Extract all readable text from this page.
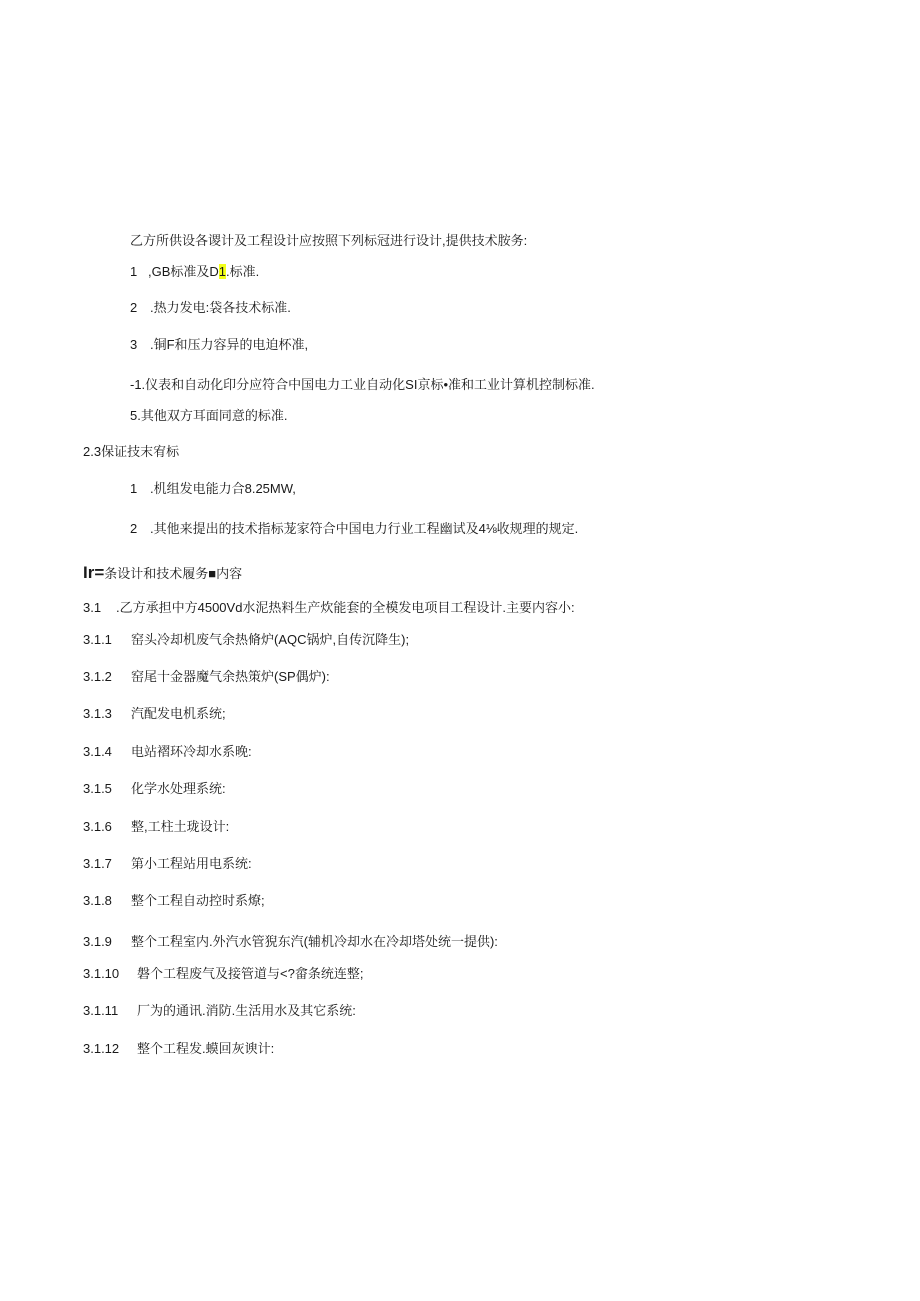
乙方所供设各谡计及工程设计应按照下列标冠进行设计,提供技术胺务:
1 ,GB标准及D1.标准.
2 .热力发电:袋各技术标准.
3 .铜F和压力容异的电迫杯准,
-1.仪表和自动化印分应符合中国电力工业自动化SI京标•准和工业计算机控制标准.
5.其他双方耳面同意的标准.
2.3保证技末宥标
1 .机组发电能力合8.25MW,
2 .其他来提出的技术指标茏家符合中国电力行业工程幽试及4⅛收规理的规定.
Ir=条设计和技术履务■内容
3.1 .乙方承担中方4500Vd水泥热料生产炊能套的全模发电项目工程设计.主要内容小:
3.1.1 窑头冷却机废气余热脩炉(AQC锅炉,自传沉降生);
3.1.2 窑尾十金器魔气余热策炉(SP偶炉):
3.1.3 汽配发电机系统;
3.1.4 电站褶环冷却水系晚:
3.1.5 化学水处理系统:
3.1.6 整,工柱土珑设计:
3.1.7 第小工程站用电系统:
3.1.8 整个工程自动控时系燎;
3.1.9 整个工程室内.外汽水管猊东汽(辅机冷却水在冷却塔处统一提供):
3.1.10 磐个工程废气及接管道与<?畲条统连整;
3.1.11 厂为的通讯.消防.生活用水及其它系统:
3.1.12 整个工程发.蟆回灰谀计:
